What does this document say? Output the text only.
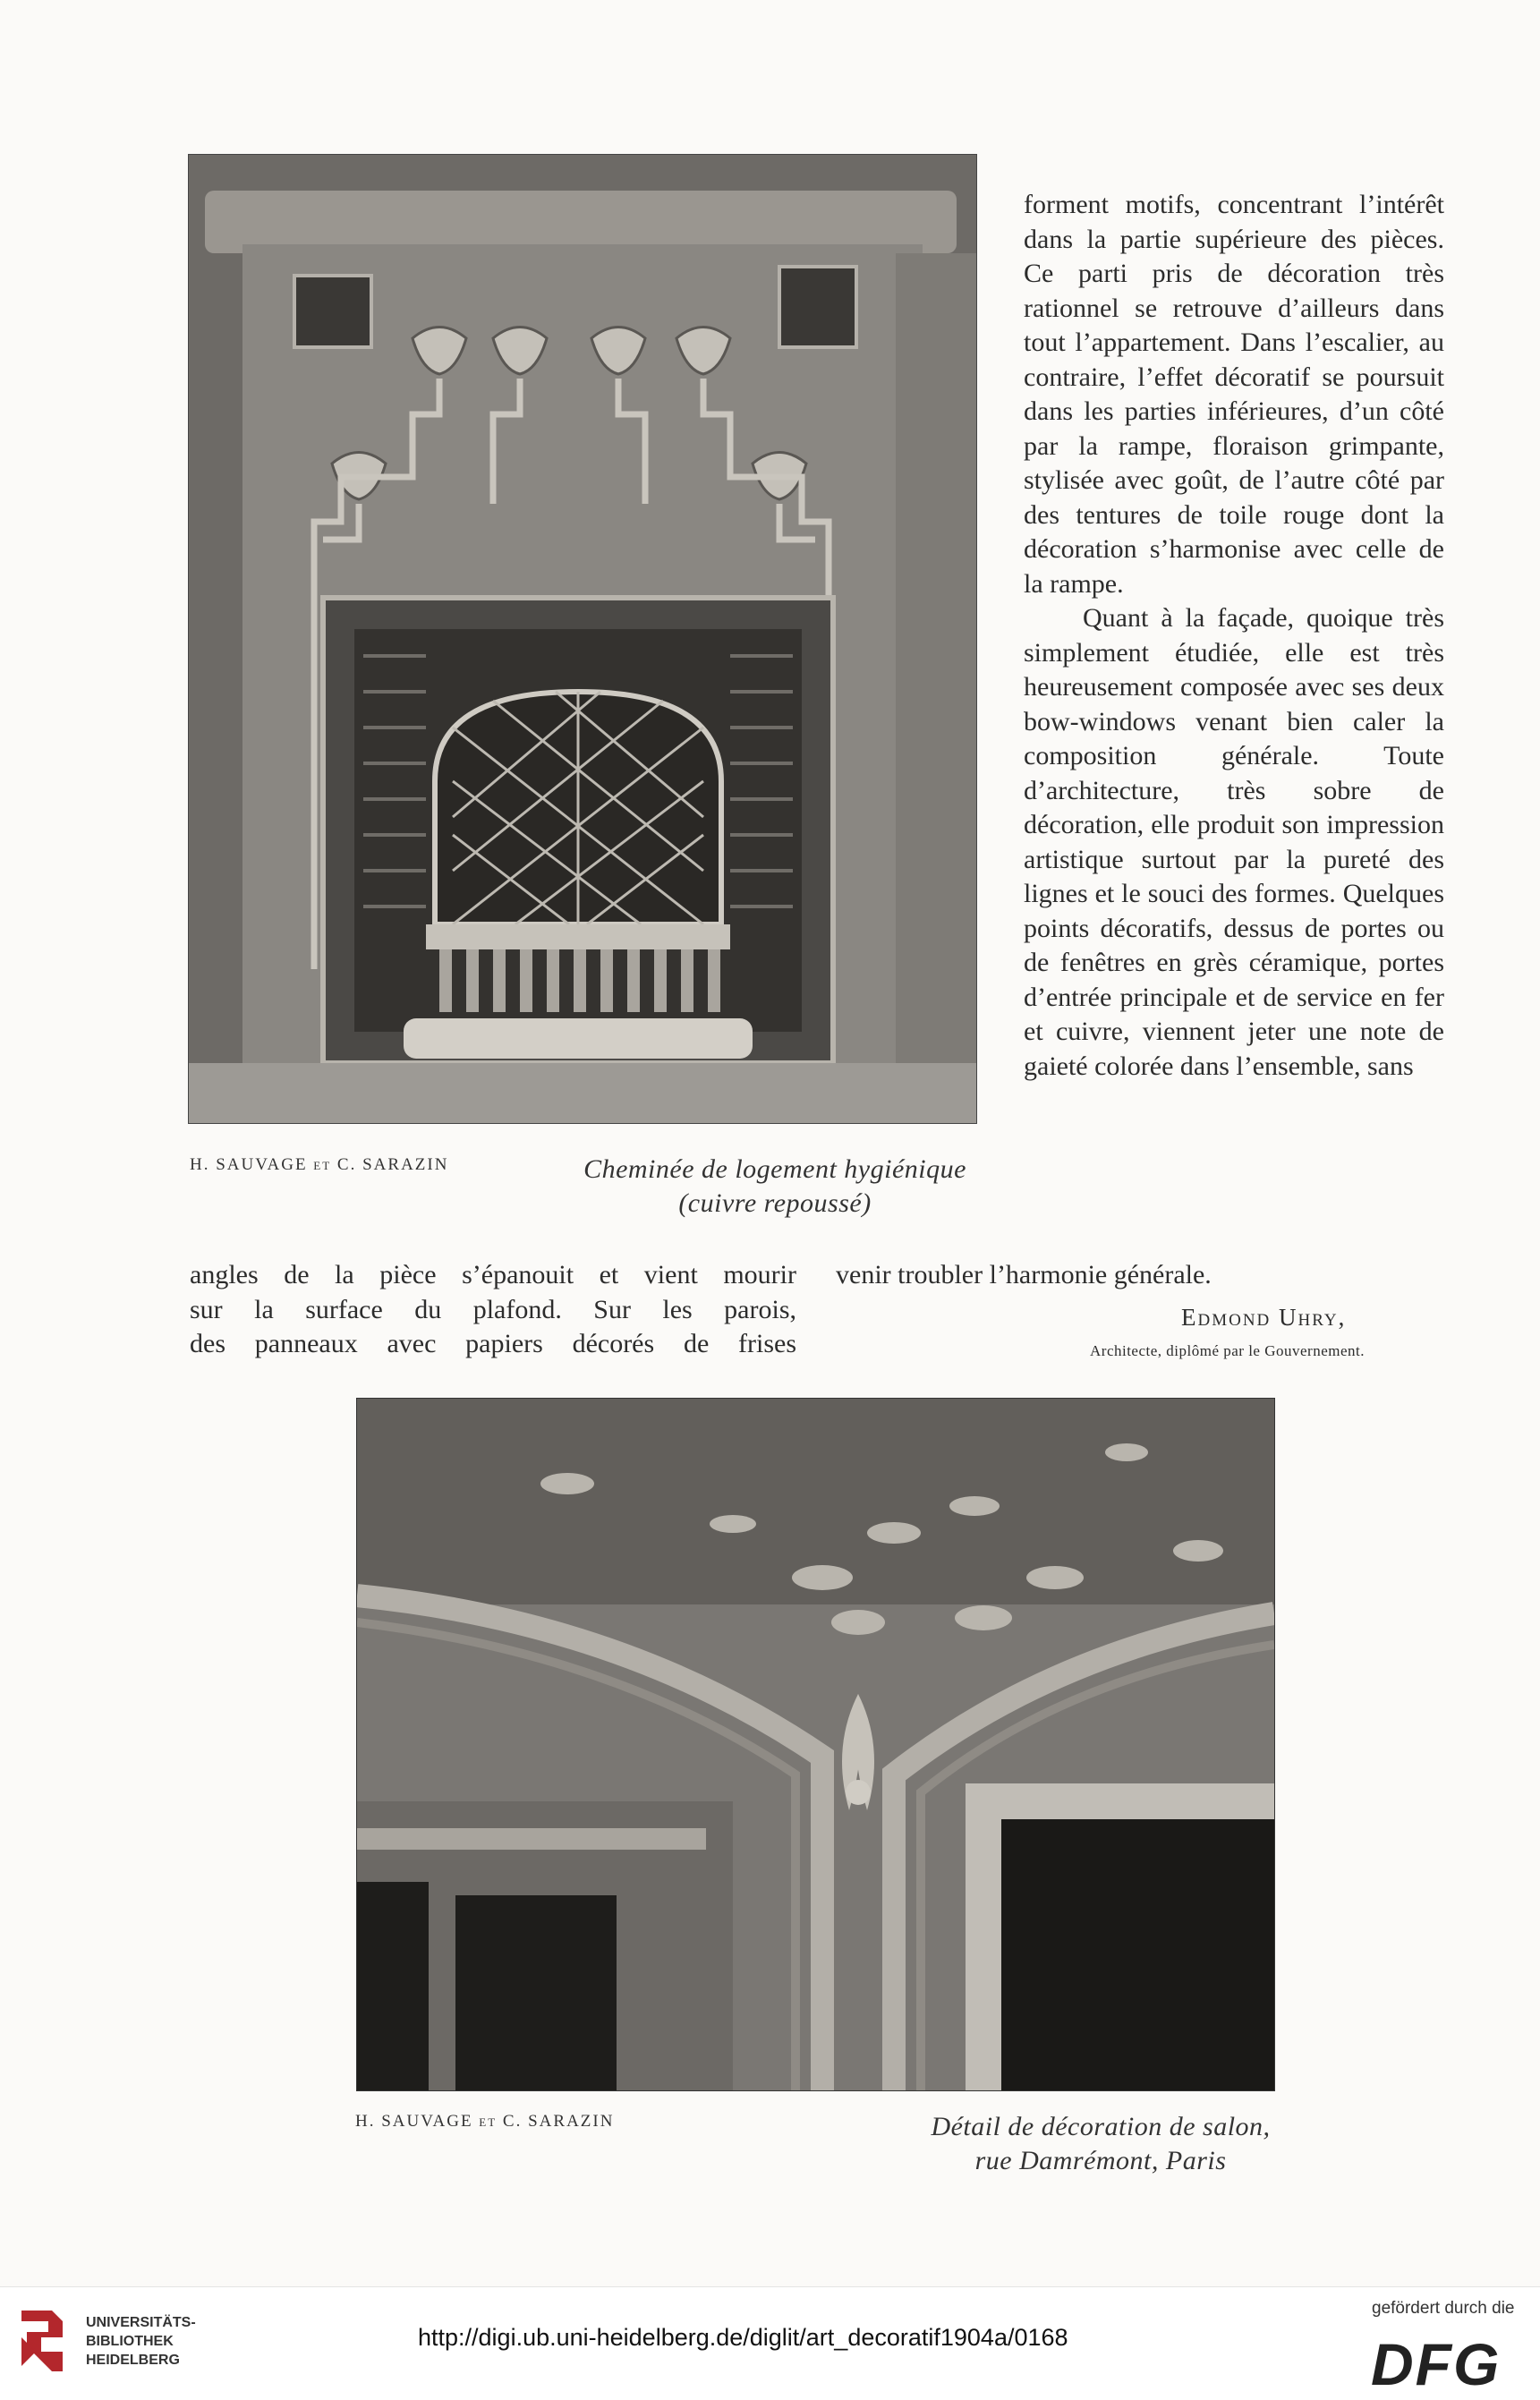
H. SAUVAGE et C. SARAZIN	Cheminée de logement hygiénique
(cuivre repoussé)

forment motifs, concentrant l’intérêt dans la partie supérieure des pièces. Ce parti pris de décoration très rationnel se retrouve d’ailleurs dans tout l’appartement. Dans l’escalier, au contraire, l’effet décoratif se poursuit dans les parties inférieures, d’un côté par la rampe, floraison grimpante, stylisée avec goût, de l’autre côté par des tentures de toile rouge dont la décoration s’harmonise avec celle de la rampe.

Quant à la façade, quoique très simplement étudiée, elle est très heureusement composée avec ses deux bow-windows venant bien caler la composition générale. Toute d’architecture, très sobre de décoration, elle produit son impression artistique surtout par la pureté des lignes et le souci des formes. Quelques points décoratifs, dessus de portes ou de fenêtres en grès céramique, portes d’entrée principale et de service en fer et cuivre, viennent jeter une note de gaieté colorée dans l’ensemble, sans

venir troubler l’harmonie générale.
angles de la pièce s’épanouit et vient mourir
sur la surface du plafond. Sur les parois,
des panneaux avec papiers décorés de frises
Edmond Uhry,
Architecte, diplômé par le Gouvernement.
H. SAUVAGE et C. SARAZIN	Détail de décoration de salon,
rue Damrémont, Paris
UNIVERSITÄTS-
BIBLIOTHEK
HEIDELBERG
http://digi.ub.uni-heidelberg.de/diglit/art_decoratif1904a/0168
gefördert durch die
DFG
